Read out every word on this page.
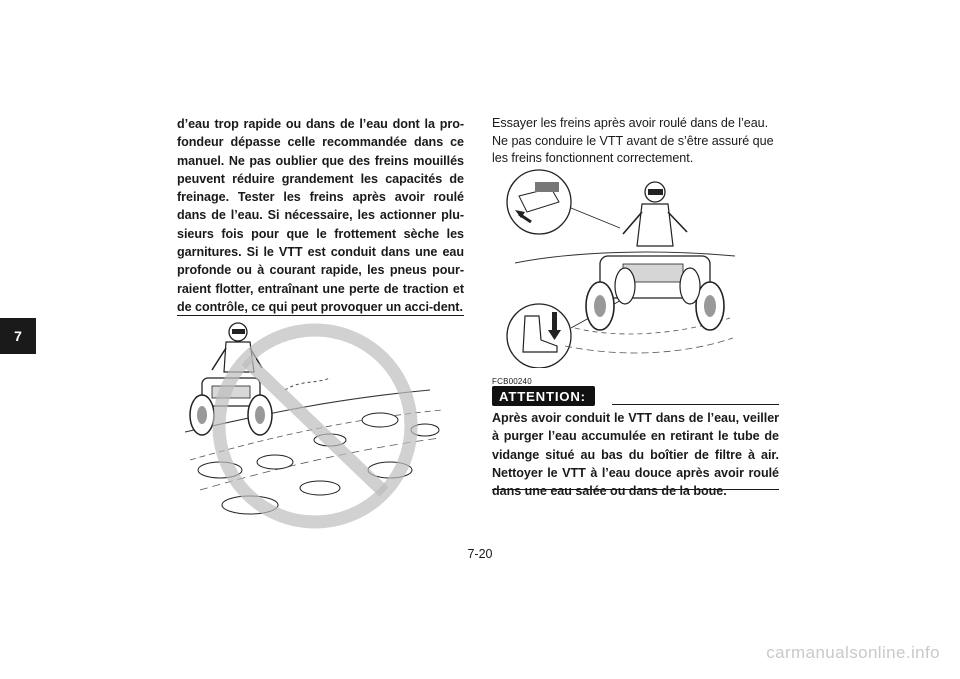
7

d’eau trop rapide ou dans de l’eau dont la pro-fondeur dépasse celle recommandée dans ce manuel. Ne pas oublier que des freins mouillés peuvent réduire grandement les capacités de freinage. Tester les freins après avoir roulé dans de l’eau. Si nécessaire, les actionner plu-sieurs fois pour que le frottement sèche les garnitures. Si le VTT est conduit dans une eau profonde ou à courant rapide, les pneus pour-raient flotter, entraînant une perte de traction et de contrôle, ce qui peut provoquer un acci-dent.

Essayer les freins après avoir roulé dans de l’eau. Ne pas conduire le VTT avant de s’être assuré que les freins fonctionnent correctement.

FCB00240
ATTENTION:

Après avoir conduit le VTT dans de l’eau, veiller à purger l’eau accumulée en retirant le tube de vidange situé au bas du boîtier de filtre à air. Nettoyer le VTT à l’eau douce après avoir roulé dans une eau salée ou dans de la boue.

7-20
carmanualsonline.info
